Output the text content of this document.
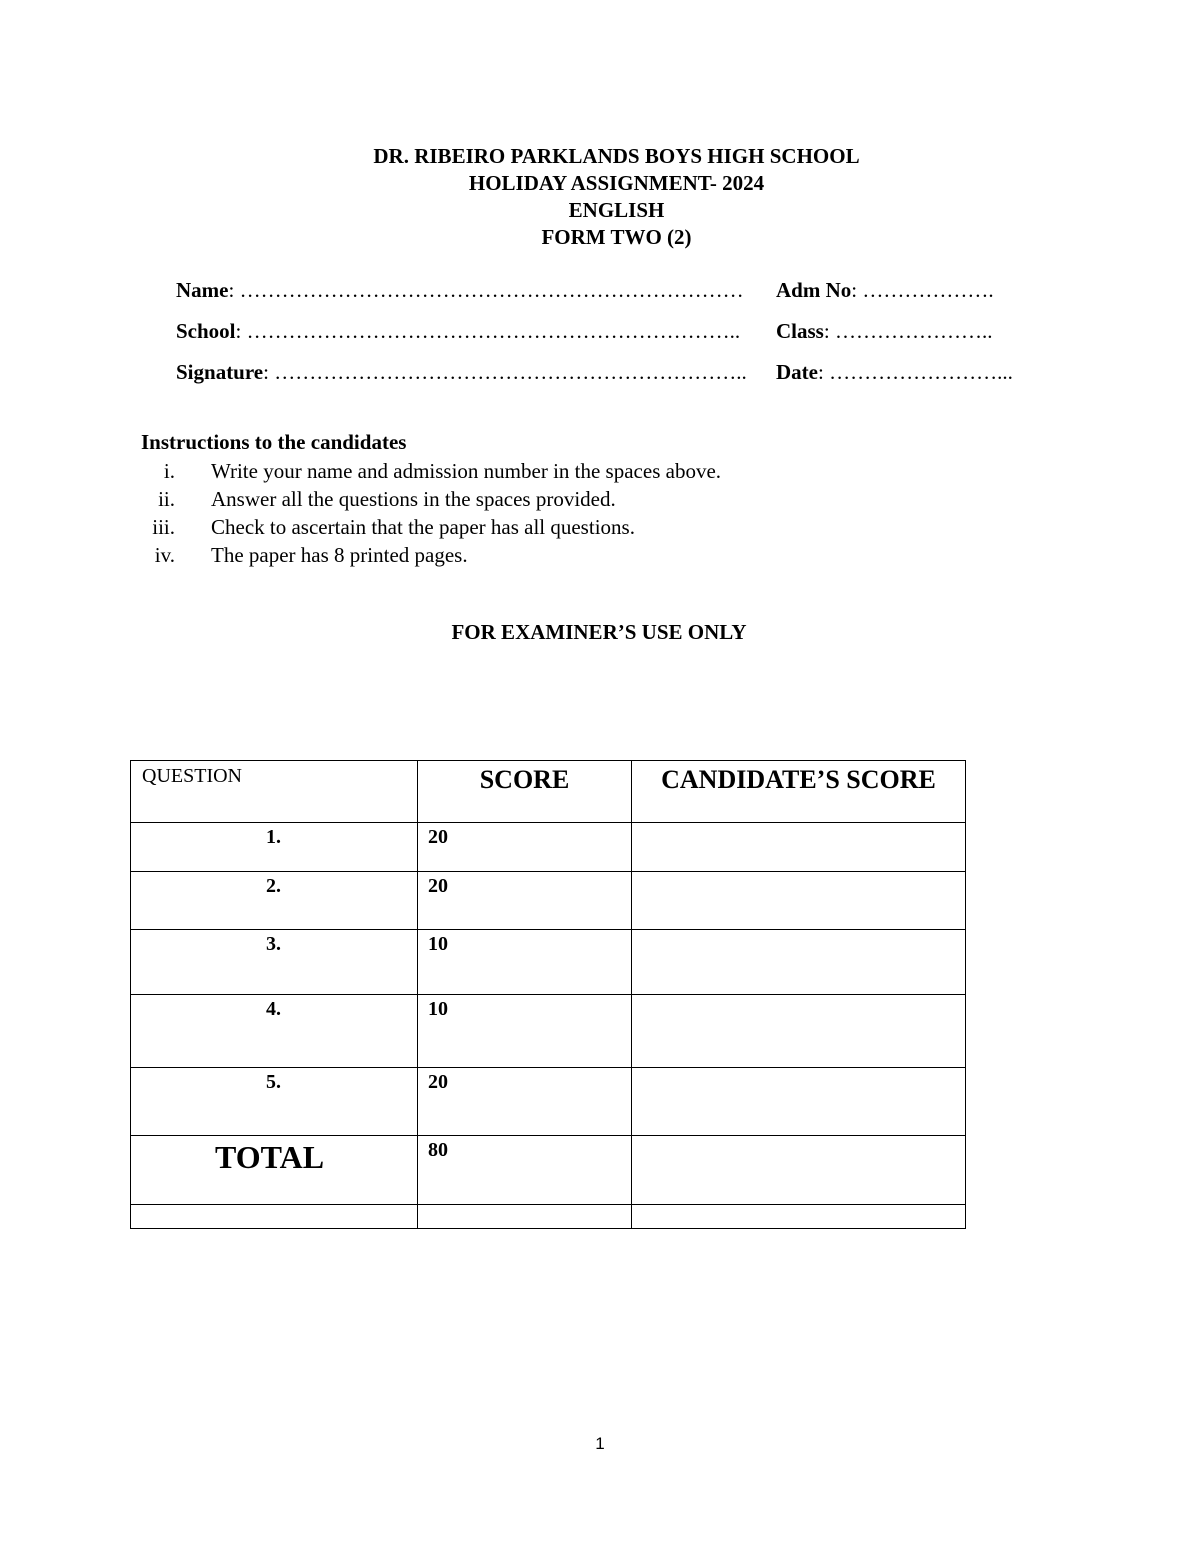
DR. RIBEIRO PARKLANDS BOYS HIGH SCHOOL
HOLIDAY ASSIGNMENT- 2024
ENGLISH
FORM TWO (2)
Name: ……………………………………………………………… Adm No: ……………….
School: …………………………………………………………….. Class: …………………..
Signature: ………………………………………………………….. Date: ……………………...
Instructions to the candidates
i. Write your name and admission number in the spaces above.
ii. Answer all the questions in the spaces provided.
iii. Check to ascertain that the paper has all questions.
iv. The paper has 8 printed pages.
FOR EXAMINER’S USE ONLY
QUESTION	SCORE	CANDIDATE’S SCORE
1.	20	
2.	20	
3.	10	
4.	10	
5.	20	
TOTAL	80	

1
